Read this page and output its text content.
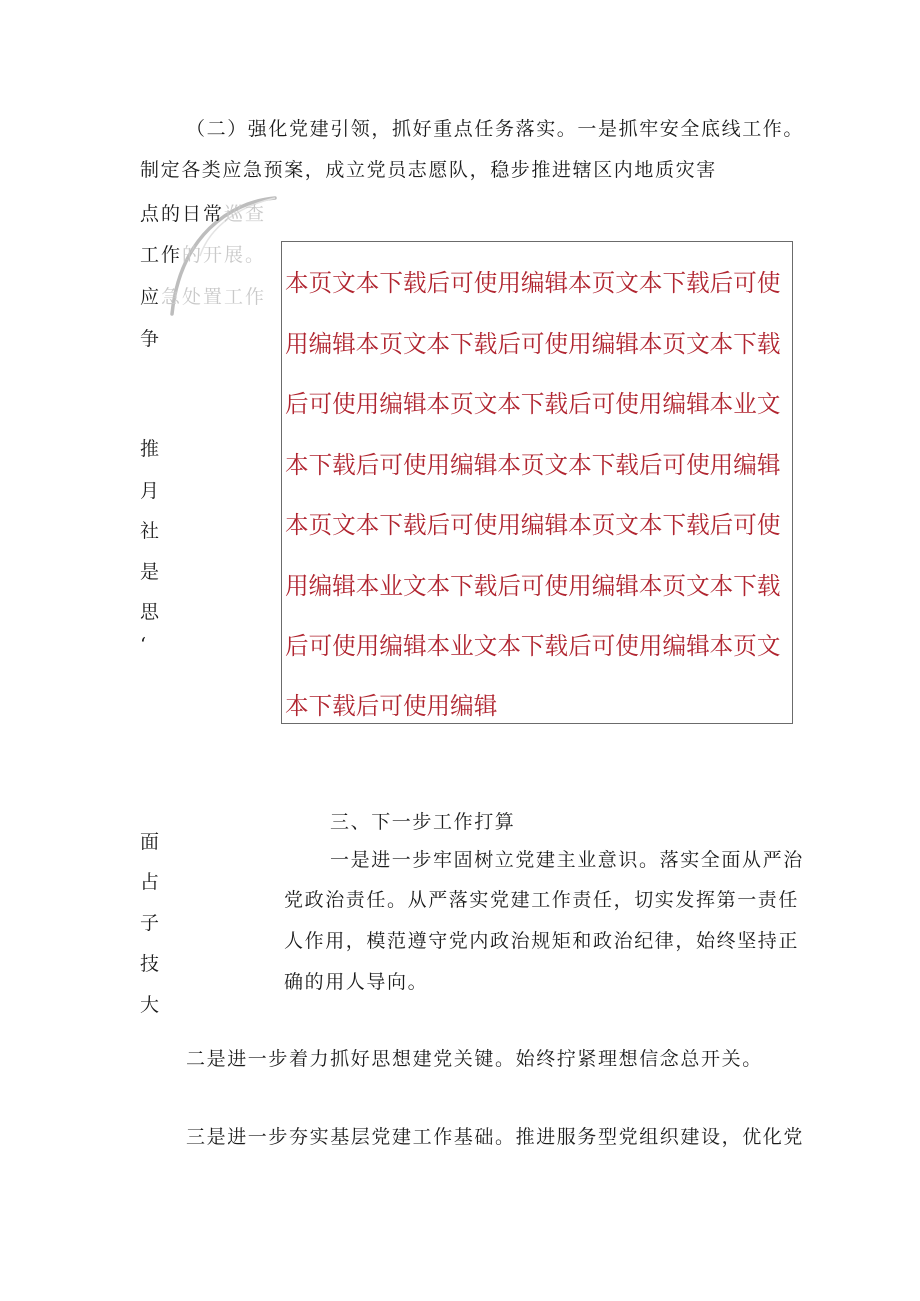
（二）强化党建引领，抓好重点任务落实。一是抓牢安全底线工作。
制定各类应急预案，成立党员志愿队，稳步推进辖区内地质灾害
点的日常巡查
工作的开展。
应急处置工作
争
推
月
社
是
思
‘
本页文本下载后可使用编辑本页文本下载后可使
用编辑本页文本下载后可使用编辑本页文本下载
后可使用编辑本页文本下载后可使用编辑本业文
本下载后可使用编辑本页文本下载后可使用编辑
本页文本下载后可使用编辑本页文本下载后可使
用编辑本业文本下载后可使用编辑本页文本下载
后可使用编辑本业文本下载后可使用编辑本页文
本下载后可使用编辑
三、下一步工作打算
一是进一步牢固树立党建主业意识。落实全面从严治
党政治责任。从严落实党建工作责任，切实发挥第一责任
人作用，模范遵守党内政治规矩和政治纪律，始终坚持正
确的用人导向。
面
占
子
技
大
二是进一步着力抓好思想建党关键。始终拧紧理想信念总开关。
三是进一步夯实基层党建工作基础。推进服务型党组织建设，优化党
